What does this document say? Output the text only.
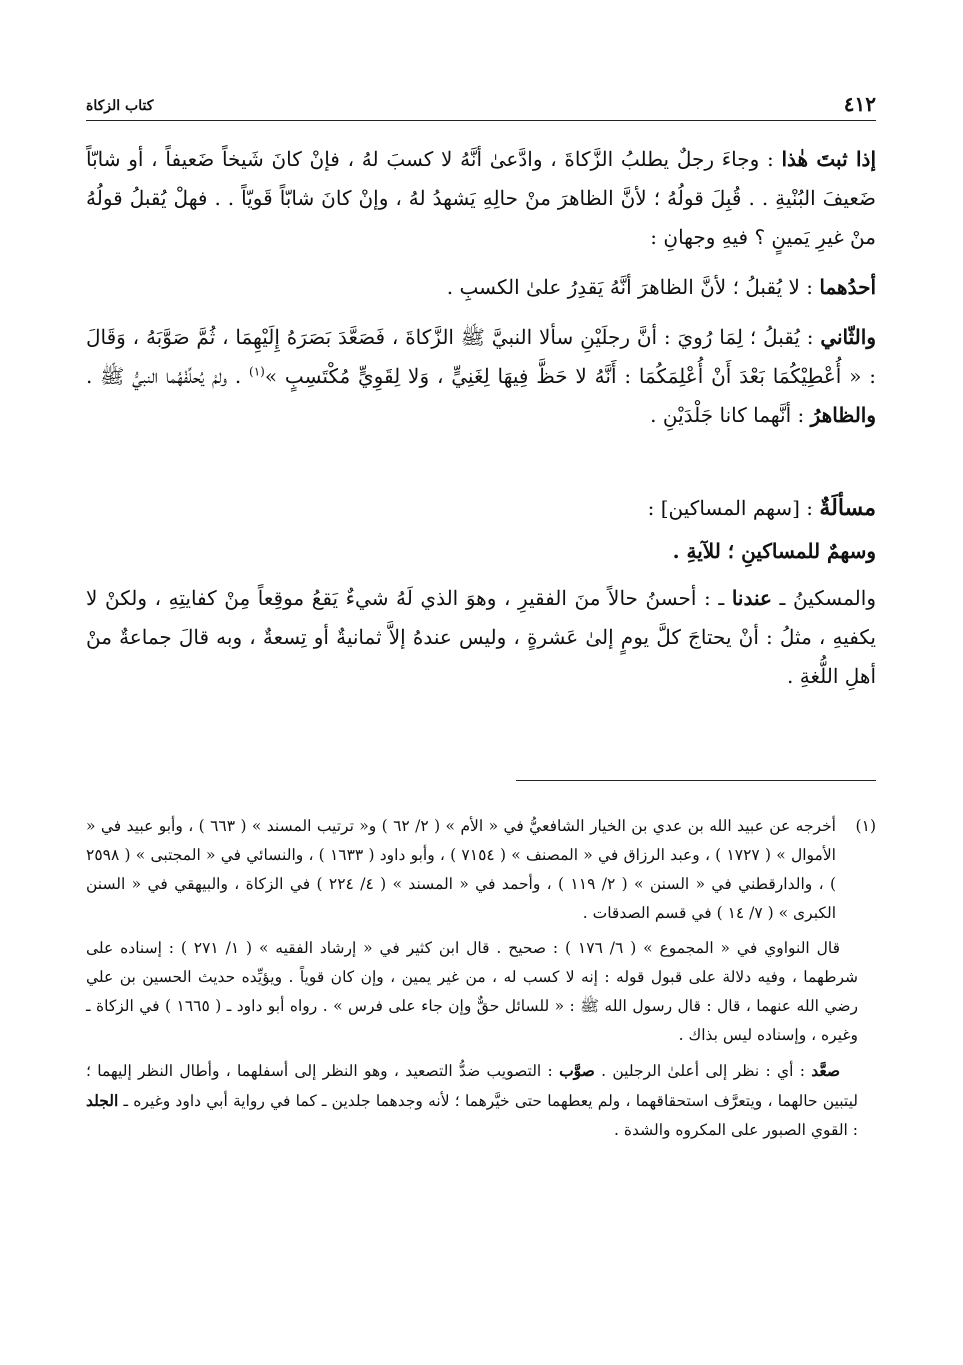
كتاب الزكاة	٤١٢

إذا ثبتَ هٰذا : وجاءَ رجلٌ يطلبُ الزَّكاةَ ، وادَّعىٰ أنَّهُ لا كسبَ لهُ ، فإنْ كانَ شَيخاً ضَعيفاً ، أو شابّاً ضَعيفَ البُنْيةِ . . قُبِلَ قولُهُ ؛ لأنَّ الظاهرَ منْ حالِهِ يَشهدُ لهُ ، وإنْ كانَ شابّاً قَويّاً . . فهلْ يُقبلُ قولُهُ منْ غيرِ يَمينٍ ؟ فيهِ وجهانِ :

أحدُهما : لا يُقبلُ ؛ لأنَّ الظاهرَ أنَّهُ يَقدِرُ علىٰ الكسبِ .

والثّاني : يُقبلُ ؛ لِمَا رُويَ : أنَّ رجلَيْنِ سألا النبيَّ ﷺ الزَّكاةَ ، فَصَعَّدَ بَصَرَهُ إِلَيْهِمَا ، ثُمَّ صَوَّبَهُ ، وَقَالَ : « أُعْطِيْكُمَا بَعْدَ أَنْ أُعْلِمَكُمَا : أَنَّهُ لا حَظَّ فِيهَا لِغَنِيٍّ ، وَلا لِقَوِيٍّ مُكْتَسِبٍ »$^{(١)}$ . ولمْ يُحلِّفْهُما النبيُّ ﷺ . والظاهرُ : أنَّهما كانا جَلْدَيْنِ .

مسألَةٌ : [سهم المساكين] :

وسهمٌ للمساكينِ ؛ للآيةِ .

والمسكينُ ـ عندنا ـ : أحسنُ حالاً منَ الفقيرِ ، وهوَ الذي لَهُ شيءٌ يَقعُ موقِعاً مِنْ كفايتِهِ ، ولكنْ لا يكفيهِ ، مثلُ : أنْ يحتاجَ كلَّ يومٍ إلىٰ عَشرةٍ ، وليس عندهُ إلاَّ ثمانيةٌ أو تِسعةٌ ، وبه قالَ جماعةٌ منْ أهلِ اللُّغةِ .

(١)
أخرجه عن عبيد الله بن عدي بن الخيار الشافعيُّ في « الأم » ( ٢/ ٦٢ ) و« ترتيب المسند » ( ٦٦٣ ) ، وأبو عبيد في « الأموال » ( ١٧٢٧ ) ، وعبد الرزاق في « المصنف » ( ٧١٥٤ ) ، وأبو داود ( ١٦٣٣ ) ، والنسائي في « المجتبى » ( ٢٥٩٨ ) ، والدارقطني في « السنن » ( ٢/ ١١٩ ) ، وأحمد في « المسند » ( ٤/ ٢٢٤ ) في الزكاة ، والبيهقي في « السنن الكبرى » ( ٧/ ١٤ ) في قسم الصدقات .

قال النواوي في « المجموع » ( ٦/ ١٧٦ ) : صحيح . قال ابن كثير في « إرشاد الفقيه » ( ١/ ٢٧١ ) : إسناده على شرطهما ، وفيه دلالة على قبول قوله : إنه لا كسب له ، من غير يمين ، وإن كان قوياً . ويؤيِّده حديث الحسين بن علي رضي الله عنهما ، قال : قال رسول الله ﷺ : « للسائل حقٌّ وإن جاء على فرس » . رواه أبو داود ـ ( ١٦٦٥ ) في الزكاة ـ وغيره ، وإسناده ليس بذاك .

صعَّد : أي : نظر إلى أعلىٰ الرجلين . صوَّب : التصويب ضدُّ التصعيد ، وهو النظر إلى أسفلهما ، وأطال النظر إليهما ؛ ليتبين حالهما ، ويتعرَّف استحقاقهما ، ولم يعطهما حتى خيَّرهما ؛ لأنه وجدهما جلدين ـ كما في رواية أبي داود وغيره ـ الجلد : القوي الصبور على المكروه والشدة .
